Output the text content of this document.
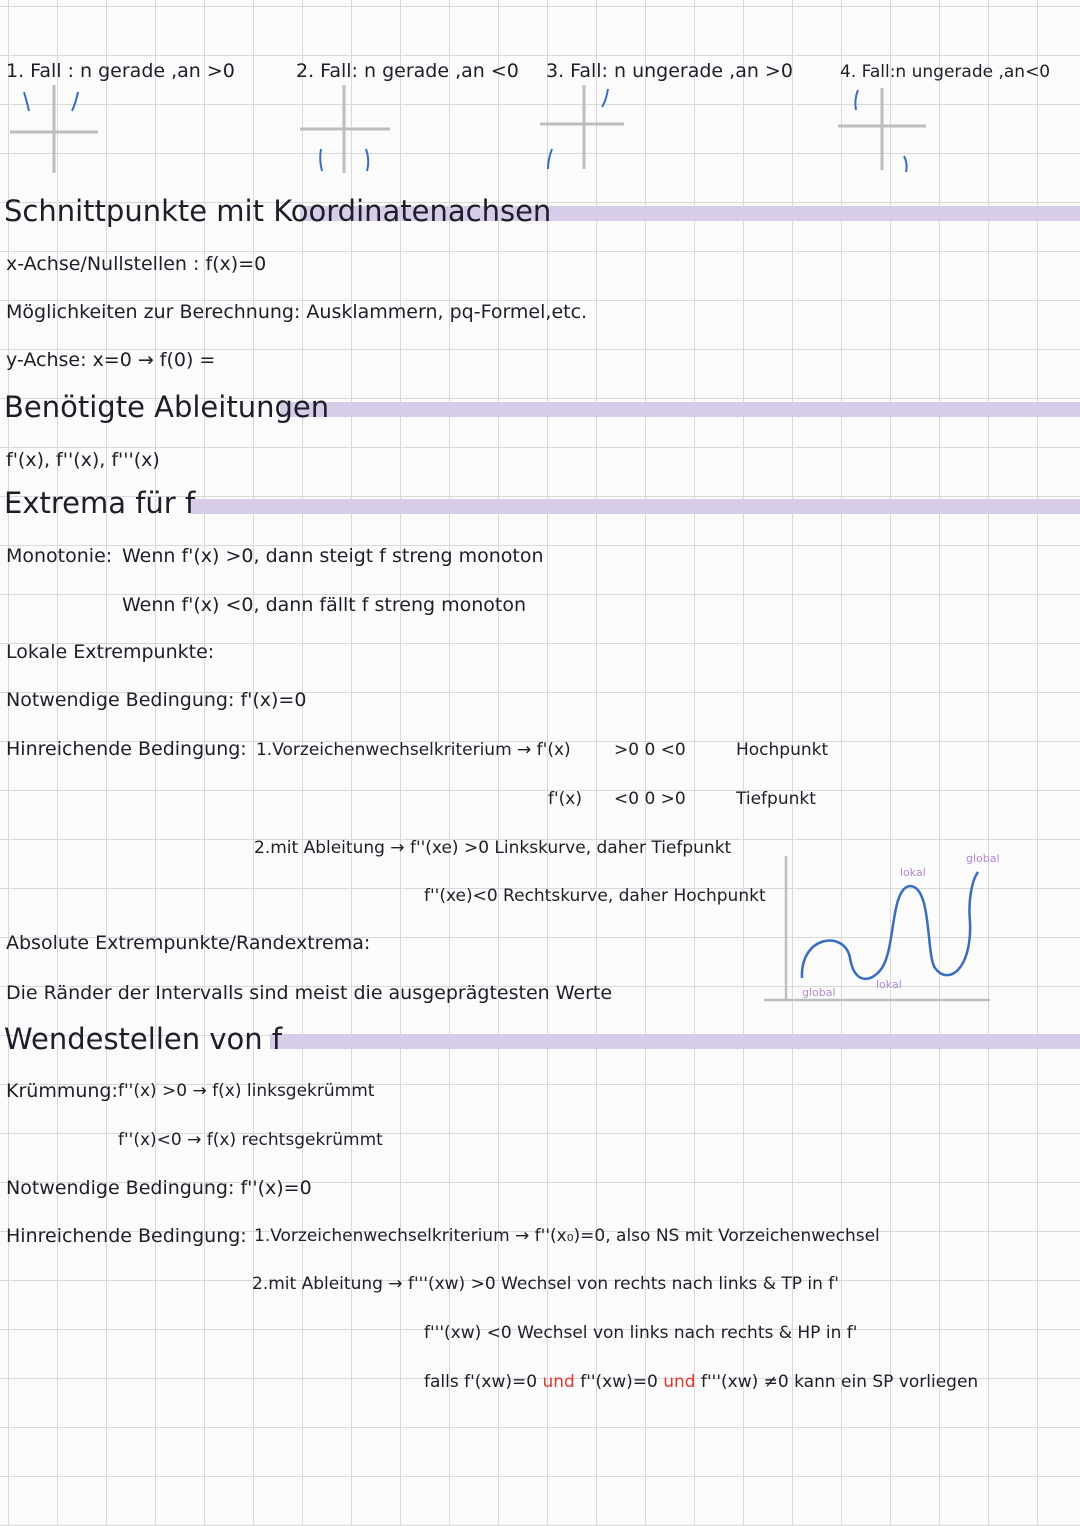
1. Fall : n gerade ,an >0	2. Fall: n gerade ,an <0 3. Fall: n ungerade ,an >0	4. Fall:n ungerade ,an<0
Schnittpunkte mit Koordinatenachsen
x-Achse/Nullstellen : f(x)=0
Möglichkeiten zur Berechnung: Ausklammern, pq-Formel,etc.
y-Achse: x=0 → f(0) =
Benötigte Ableitungen
f'(x), f''(x), f'''(x)
Extrema für f
Monotonie: Wenn f'(x) >0, dann steigt f streng monoton
Wenn f'(x) <0, dann fällt f streng monoton
Lokale Extrempunkte:
Notwendige Bedingung: f'(x)=0
Hinreichende Bedingung: 1.Vorzeichenwechselkriterium → f'(x)	>0 0 <0	Hochpunkt
f'(x) <0 0 >0	Tiefpunkt
2.mit Ableitung → f''(xe) >0 Linkskurve, daher Tiefpunkt
f''(xe)<0 Rechtskurve, daher Hochpunkt
Absolute Extrempunkte/Randextrema:
Die Ränder der Intervalls sind meist die ausgeprägtesten Werte
global
lokal
global
lokal
Wendestellen von f
Krümmung: f''(x) >0 → f(x) linksgekrümmt
f''(x)<0 → f(x) rechtsgekrümmt
Notwendige Bedingung: f''(x)=0
Hinreichende Bedingung: 1.Vorzeichenwechselkriterium → f''(x₀)=0, also NS mit Vorzeichenwechsel
2.mit Ableitung → f'''(xw) >0 Wechsel von rechts nach links & TP in f'
f'''(xw) <0 Wechsel von links nach rechts & HP in f'
falls f'(xw)=0 und f''(xw)=0 und f'''(xw) ≠0 kann ein SP vorliegen
